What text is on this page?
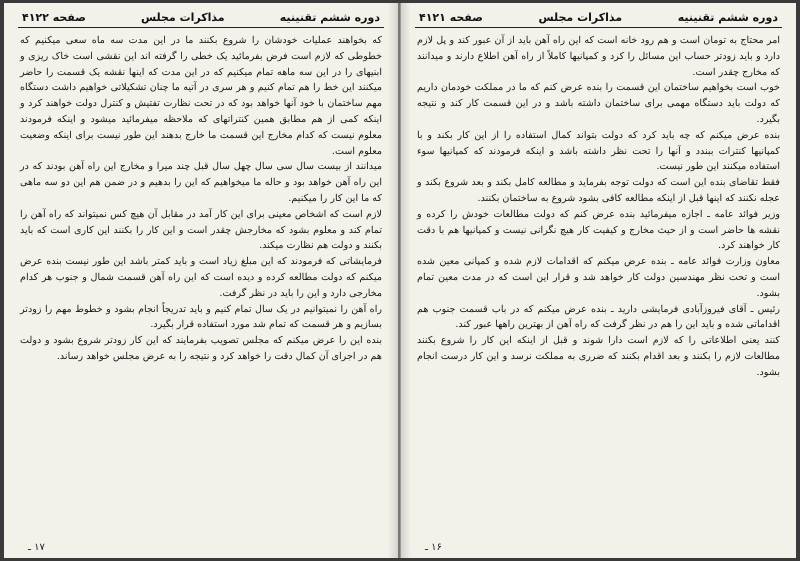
دوره ششم تقنینیه
مذاکرات مجلس
صفحه ۴۱۲۲

که بخواهند عملیات خودشان را شروع بکنند ما در این مدت سه ماه سعی میکنیم که خطوطی که لازم است فرض بفرمائید یک خطی را گرفته اند این نقشی است خاک ریزی و ابنیهای را در این سه ماهه تمام میکنیم که در این مدت که اینها نقشه یک قسمت را حاضر میکنند این خط را هم تمام کنیم و هر سری در آتیه ما چنان تشکیلاتی خواهیم داشت دستگاه مهم ساختمان با خود آنها خواهد بود که در تحت نظارت تفتیش و کنترل دولت خواهند کرد و اینکه کمی از هم مطابق همین کنتراتهای که ملاحظه میفرمائید میشود و اینکه فرمودند معلوم نیست که کدام مخارج این قسمت ما خارج بدهند این طور نیست برای اینکه وضعیت معلوم است.

میدانند از بیست سال سی سال چهل سال قبل چند میرا و مخارج این راه آهن بودند که در این راه آهن خواهد بود و حاله ما میخواهیم که این را بدهیم و در ضمن هم این دو سه ماهی که ما این کار را میکنیم.

لازم است که اشخاص معینی برای این کار آمد در مقابل آن هیچ کس نمیتواند که راه آهن را تمام کند و معلوم بشود که مخارجش چقدر است و این کار را بکنند این کاری است که باید بکنند و دولت هم نظارت میکند.

فرمایشاتی که فرمودند که این مبلغ زیاد است و باید کمتر باشد این طور نیست بنده عرض میکنم که دولت مطالعه کرده و دیده است که این راه آهن قسمت شمال و جنوب هر کدام مخارجی دارد و این را باید در نظر گرفت.

راه آهن را نمیتوانیم در یک سال تمام کنیم و باید تدریجاً انجام بشود و خطوط مهم را زودتر بسازیم و هر قسمت که تمام شد مورد استفاده قرار بگیرد.

بنده این را عرض میکنم که مجلس تصویب بفرمایند که این کار زودتر شروع بشود و دولت هم در اجرای آن کمال دقت را خواهد کرد و نتیجه را به عرض مجلس خواهد رساند.

۱۷ ـ
دوره ششم تقنینیه
مذاکرات مجلس
صفحه ۴۱۲۱

امر محتاج به تومان است و هم رود خانه است که این راه آهن باید از آن عبور کند و پل لازم دارد و باید زودتر حساب این مسائل را کرد و کمپانیها کاملاً از راه آهن اطلاع دارند و میدانند که مخارج چقدر است.

خوب است بخواهیم ساختمان این قسمت را بنده عرض کنم که ما در مملکت خودمان داریم که دولت باید دستگاه مهمی برای ساختمان داشته باشد و در این قسمت کار کند و نتیجه بگیرد.

بنده عرض میکنم که چه باید کرد که دولت بتواند کمال استفاده را از این کار بکند و با کمپانیها کنترات ببندد و آنها را تحت نظر داشته باشد و اینکه فرمودند که کمپانیها سوء استفاده میکنند این طور نیست.

فقط تقاضای بنده این است که دولت توجه بفرماید و مطالعه کامل بکند و بعد شروع بکند و عجله نکنند که اینها قبل از اینکه مطالعه کافی بشود شروع به ساختمان بکنند.

وزیر فوائد عامه ـ اجازه میفرمائید بنده عرض کنم که دولت مطالعات خودش را کرده و نقشه ها حاضر است و از حیث مخارج و کیفیت کار هیچ نگرانی نیست و کمپانیها هم با دقت کار خواهند کرد.

معاون وزارت فوائد عامه ـ بنده عرض میکنم که اقدامات لازم شده و کمپانی معین شده است و تحت نظر مهندسین دولت کار خواهد شد و قرار این است که در مدت معین تمام بشود.

رئیس ـ آقای فیروزآبادی فرمایشی دارید ـ بنده عرض میکنم که در باب قسمت جنوب هم اقداماتی شده و باید این را هم در نظر گرفت که راه آهن از بهترین راهها عبور کند.

کنند یعنی اطلاعاتی را که لازم است دارا شوند و قبل از اینکه این کار را شروع بکنند مطالعات لازم را بکنند و بعد اقدام بکنند که ضرری به مملکت نرسد و این کار درست انجام بشود.

۱۶ ـ
